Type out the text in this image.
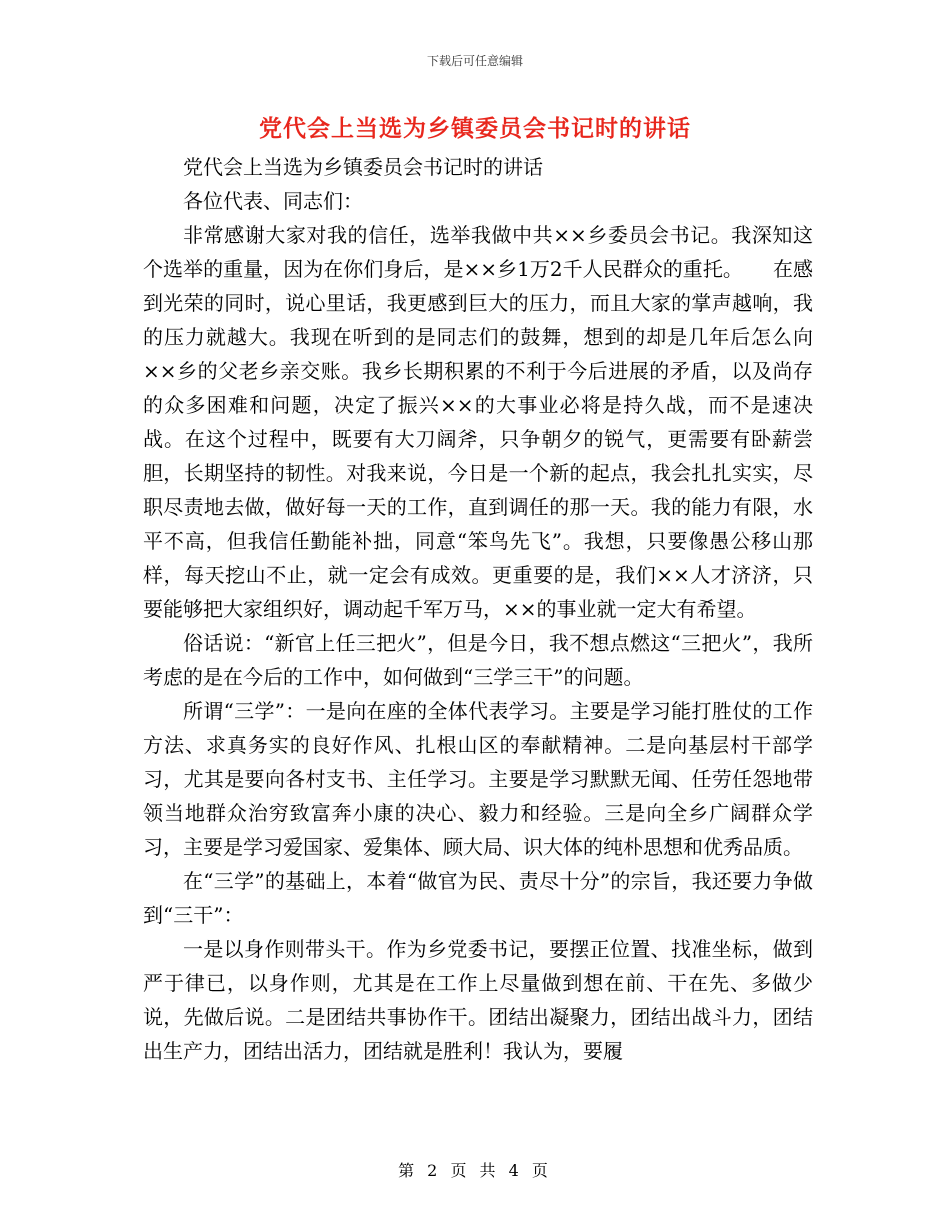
下载后可任意编辑
党代会上当选为乡镇委员会书记时的讲话

党代会上当选为乡镇委员会书记时的讲话

各位代表、同志们：

非常感谢大家对我的信任，选举我做中共××乡委员会书记。我深知这个选举的重量，因为在你们身后，是××乡1万2千人民群众的重托。　　在感到光荣的同时，说心里话，我更感到巨大的压力，而且大家的掌声越响，我的压力就越大。我现在听到的是同志们的鼓舞，想到的却是几年后怎么向××乡的父老乡亲交账。我乡长期积累的不利于今后进展的矛盾，以及尚存的众多困难和问题，决定了振兴××的大事业必将是持久战，而不是速决战。在这个过程中，既要有大刀阔斧，只争朝夕的锐气，更需要有卧薪尝胆，长期坚持的韧性。对我来说，今日是一个新的起点，我会扎扎实实，尽职尽责地去做，做好每一天的工作，直到调任的那一天。我的能力有限，水平不高，但我信任勤能补拙，同意“笨鸟先飞”。我想，只要像愚公移山那样，每天挖山不止，就一定会有成效。更重要的是，我们××人才济济，只要能够把大家组织好，调动起千军万马，××的事业就一定大有希望。

俗话说：“新官上任三把火”，但是今日，我不想点燃这“三把火”，我所考虑的是在今后的工作中，如何做到“三学三干”的问题。

所谓“三学”：一是向在座的全体代表学习。主要是学习能打胜仗的工作方法、求真务实的良好作风、扎根山区的奉献精神。二是向基层村干部学习，尤其是要向各村支书、主任学习。主要是学习默默无闻、任劳任怨地带领当地群众治穷致富奔小康的决心、毅力和经验。三是向全乡广阔群众学习，主要是学习爱国家、爱集体、顾大局、识大体的纯朴思想和优秀品质。

在“三学”的基础上，本着“做官为民、责尽十分”的宗旨，我还要力争做到“三干”：

一是以身作则带头干。作为乡党委书记，要摆正位置、找准坐标，做到严于律已，以身作则，尤其是在工作上尽量做到想在前、干在先、多做少说，先做后说。二是团结共事协作干。团结出凝聚力，团结出战斗力，团结出生产力，团结出活力，团结就是胜利！我认为，要履

第 2 页 共 4 页
